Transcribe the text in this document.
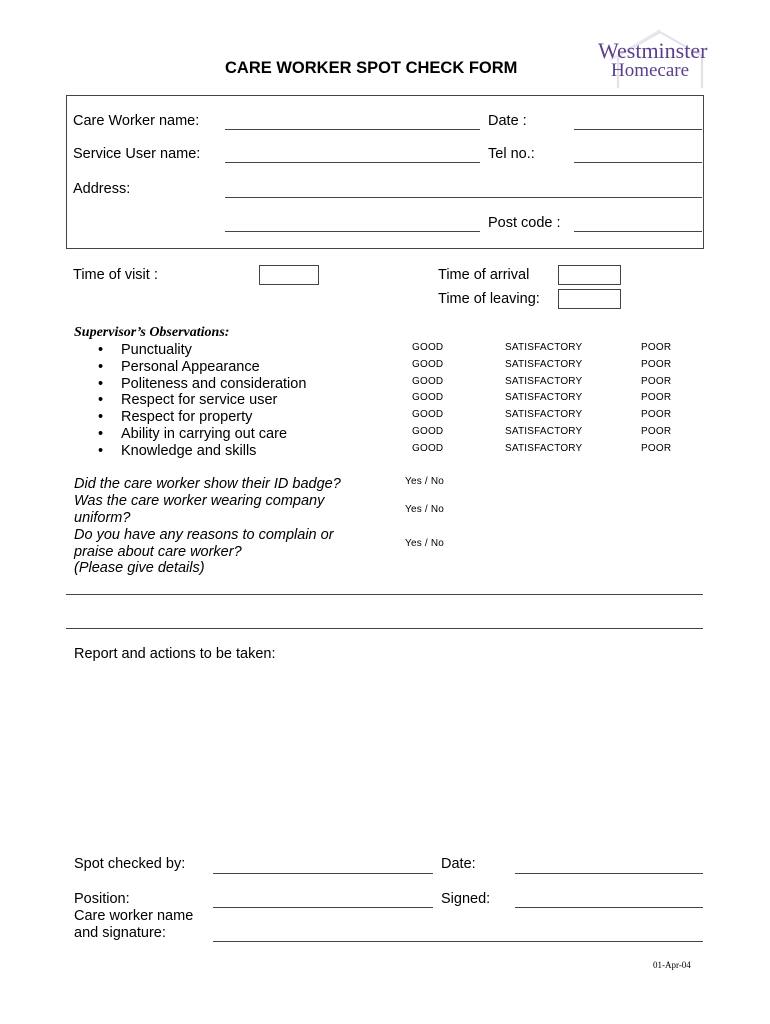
CARE WORKER SPOT CHECK FORM
Westminster
Homecare
Care Worker name:	Date :
Service User name:	Tel no.:
Address:
Post code :
Time of visit :	Time of arrival
Time of leaving:
Supervisor’s Observations:
• Punctuality	GOOD	SATISFACTORY	POOR
• Personal Appearance	GOOD	SATISFACTORY	POOR
• Politeness and consideration	GOOD	SATISFACTORY	POOR
• Respect for service user	GOOD	SATISFACTORY	POOR
• Respect for property	GOOD	SATISFACTORY	POOR
• Ability in carrying out care	GOOD	SATISFACTORY	POOR
• Knowledge and skills	GOOD	SATISFACTORY	POOR
Did the care worker show their ID badge?	Yes / No
Was the care worker wearing company uniform?
Yes / No
Do you have any reasons to complain or praise about care worker?
(Please give details)
Yes / No
Report and actions to be taken:
Spot checked by:	Date:
Position:	Signed:
Care worker name
and signature:
01-Apr-04
